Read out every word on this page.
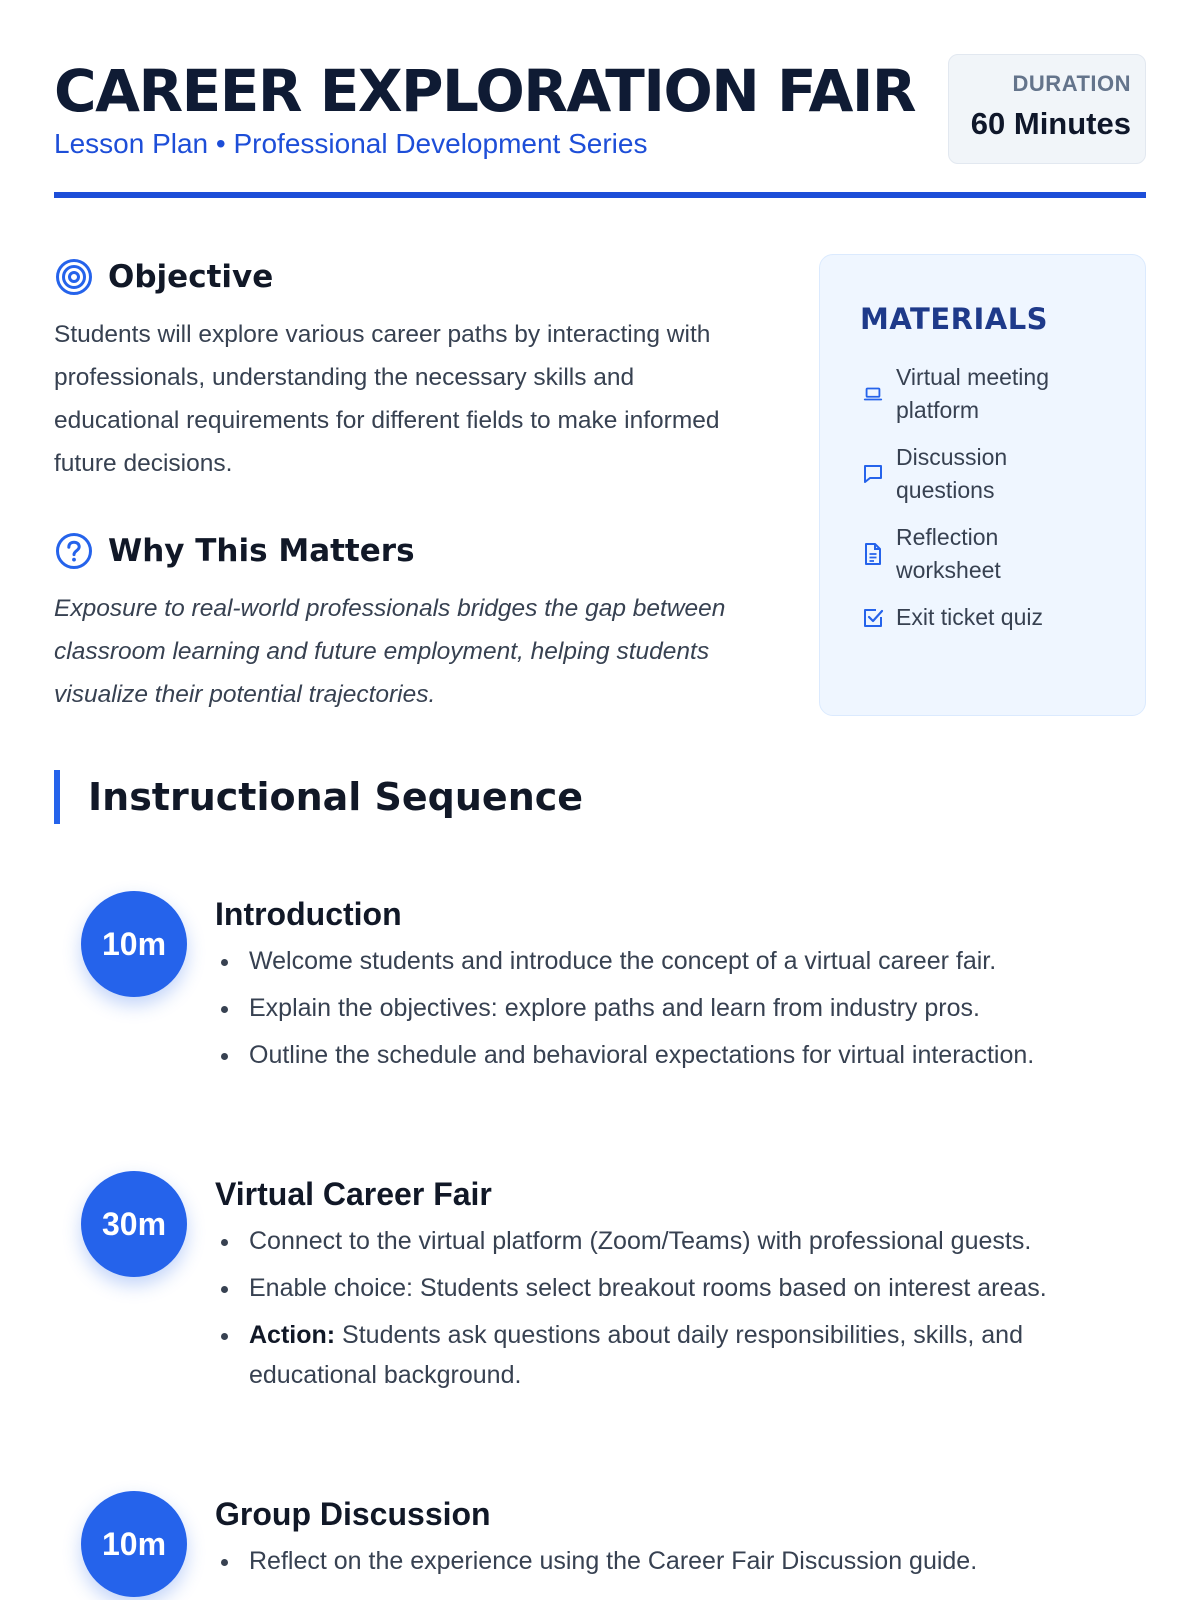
CAREER EXPLORATION FAIR
Lesson Plan • Professional Development Series
DURATION
60 Minutes
Objective

Students will explore various career paths by interacting with professionals, understanding the necessary skills and educational requirements for different fields to make informed future decisions.

Why This Matters

Exposure to real-world professionals bridges the gap between classroom learning and future employment, helping students visualize their potential trajectories.

MATERIALS
Virtual meeting platform
Discussion questions
Reflection worksheet
Exit ticket quiz
Instructional Sequence
10m
Introduction
Welcome students and introduce the concept of a virtual career fair.
Explain the objectives: explore paths and learn from industry pros.
Outline the schedule and behavioral expectations for virtual interaction.
30m
Virtual Career Fair
Connect to the virtual platform (Zoom/Teams) with professional guests.
Enable choice: Students select breakout rooms based on interest areas.
Action: Students ask questions about daily responsibilities, skills, and educational background.
10m
Group Discussion
Reflect on the experience using the Career Fair Discussion guide.
